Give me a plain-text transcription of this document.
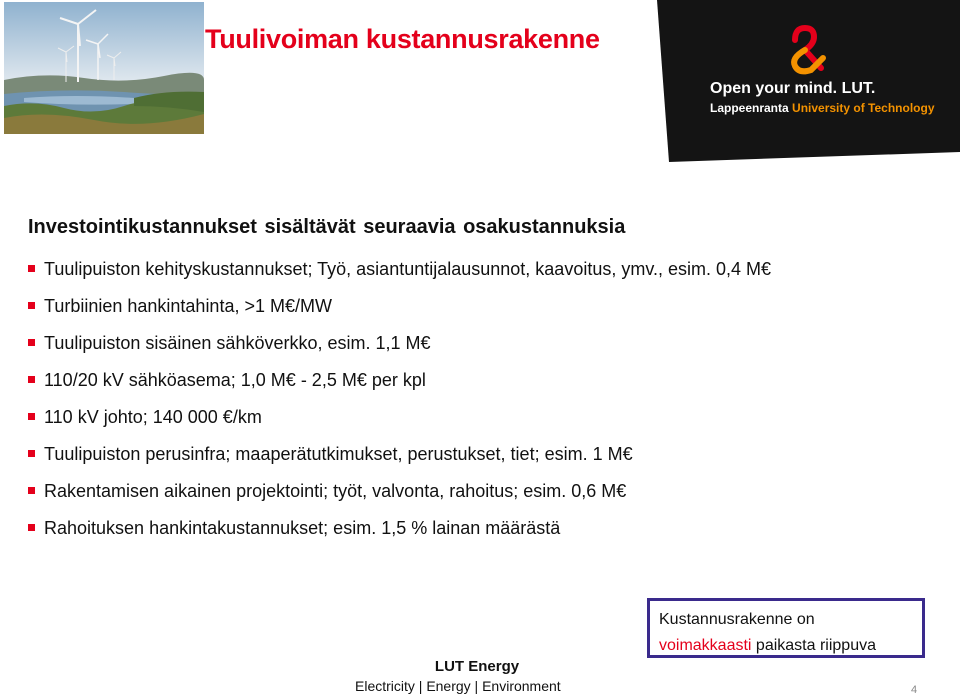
Tuulivoiman kustannusrakenne
Open your mind. LUT.
Lappeenranta University of Technology
Investointikustannukset sisältävät seuraavia osakustannuksia
Tuulipuiston kehityskustannukset; Työ, asiantuntijalausunnot, kaavoitus, ymv., esim. 0,4 M€
Turbiinien hankintahinta, >1 M€/MW
Tuulipuiston sisäinen sähköverkko, esim. 1,1 M€
110/20 kV sähköasema; 1,0 M€ - 2,5 M€ per kpl
110 kV johto; 140 000 €/km
Tuulipuiston perusinfra; maaperätutkimukset, perustukset, tiet; esim. 1 M€
Rakentamisen aikainen projektointi; työt, valvonta, rahoitus; esim. 0,6 M€
Rahoituksen hankintakustannukset; esim. 1,5 % lainan määrästä
Kustannusrakenne on
voimakkaasti paikasta riippuva
LUT Energy
Electricity | Energy | Environment	4
